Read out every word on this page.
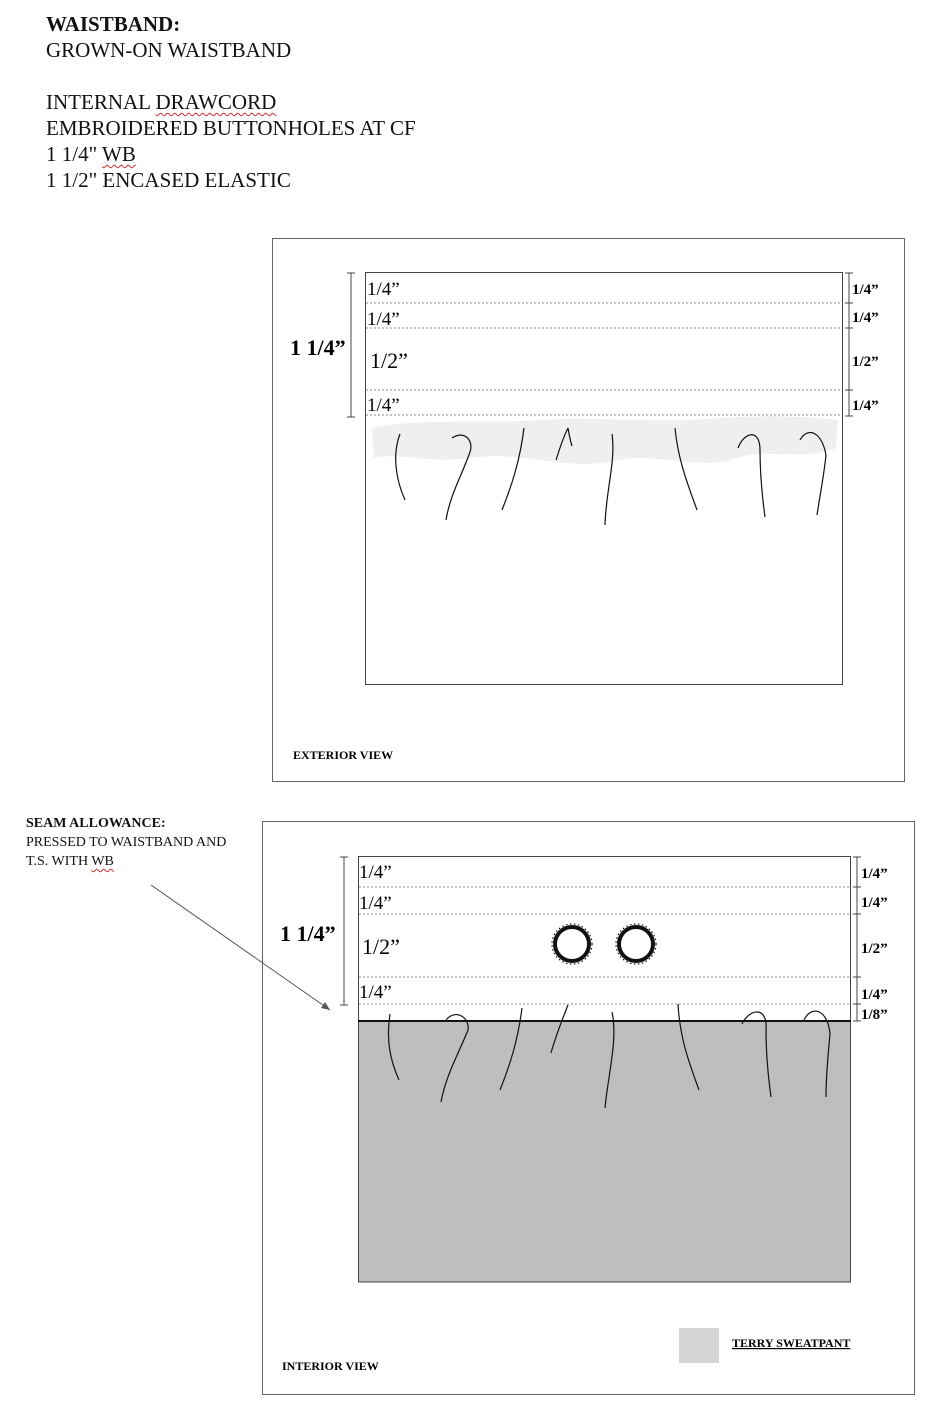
WAISTBAND:
GROWN-ON WAISTBAND
INTERNAL DRAWCORD
EMBROIDERED BUTTONHOLES AT CF
1 1/4" WB
1 1/2" ENCASED ELASTIC
1 1/4”
1/4”
1/4”
1/2”
1/4”
1/4”
1/4”
1/2”
1/4”
EXTERIOR VIEW
SEAM ALLOWANCE:
PRESSED TO WAISTBAND AND
T.S. WITH WB
1 1/4”
1/4”
1/4”
1/2”
1/4”
1/4”
1/4”
1/2”
1/4”
1/8”
TERRY SWEATPANT
INTERIOR VIEW
